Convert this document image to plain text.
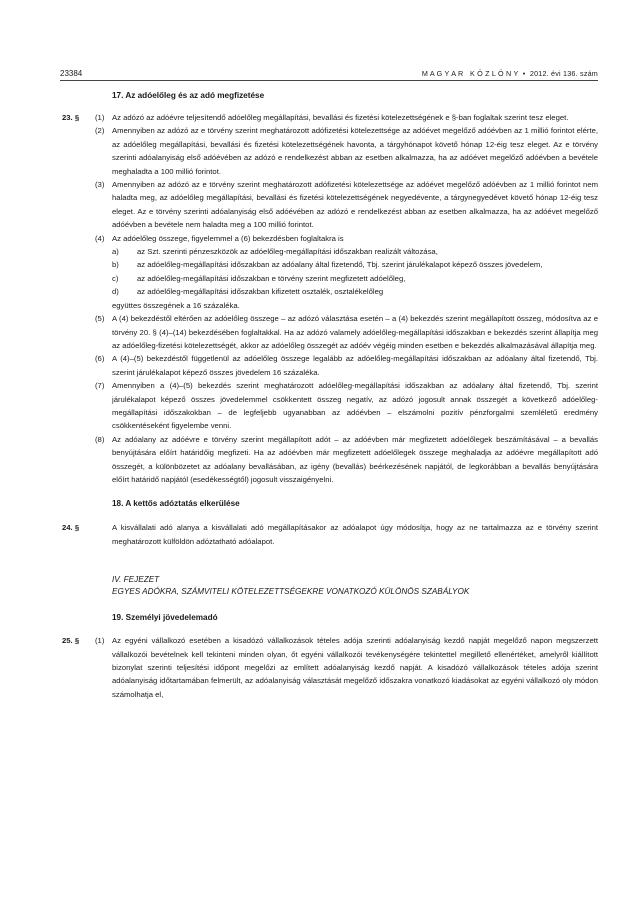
23384	M A G Y A R   K Ö Z L Ö N Y  •  2012. évi 136. szám
17. Az adóelőleg és az adó megfizetése
23. § (1) Az adózó az adóévre teljesítendő adóelőleg megállapítási, bevallási és fizetési kötelezettségének e §-ban foglaltak szerint tesz eleget.
(2) Amennyiben az adózó az e törvény szerint meghatározott adófizetési kötelezettsége az adóévet megelőző adóévben az 1 millió forintot elérte, az adóelőleg megállapítási, bevallási és fizetési kötelezettségének havonta, a tárgyhónapot követő hónap 12-éig tesz eleget. Az e törvény szerinti adóalanyiság első adóévében az adózó e rendelkezést abban az esetben alkalmazza, ha az adóévet megelőző adóévben a bevétele meghaladta a 100 millió forintot.
(3) Amennyiben az adózó az e törvény szerint meghatározott adófizetési kötelezettsége az adóévet megelőző adóévben az 1 millió forintot nem haladta meg, az adóelőleg megállapítási, bevallási és fizetési kötelezettségének negyedévente, a tárgynegyedévet követő hónap 12-éig tesz eleget. Az e törvény szerinti adóalanyiság első adóévében az adózó e rendelkezést abban az esetben alkalmazza, ha az adóévet megelőző adóévben a bevétele nem haladta meg a 100 millió forintot.
(4) Az adóelőleg összege, figyelemmel a (6) bekezdésben foglaltakra is
a) az Szt. szerinti pénzeszközök az adóelőleg-megállapítási időszakban realizált változása,
b) az adóelőleg-megállapítási időszakban az adóalany által fizetendő, Tbj. szerint járulékalapot képező összes jövedelem,
c) az adóelőleg-megállapítási időszakban e törvény szerint megfizetett adóelőleg,
d) az adóelőleg-megállapítási időszakban kifizetett osztalék, osztalékelőleg
együttes összegének a 16 százaléka.
(5) A (4) bekezdéstől eltérően az adóelőleg összege – az adózó választása esetén – a (4) bekezdés szerint megállapított összeg, módosítva az e törvény 20. § (4)–(14) bekezdésében foglaltakkal. Ha az adózó valamely adóelőleg-megállapítási időszakban e bekezdés szerint állapítja meg az adóelőleg-fizetési kötelezettségét, akkor az adóelőleg összegét az adóév végéig minden esetben e bekezdés alkalmazásával állapítja meg.
(6) A (4)–(5) bekezdéstől függetlenül az adóelőleg összege legalább az adóelőleg-megállapítási időszakban az adóalany által fizetendő, Tbj. szerint járulékalapot képező összes jövedelem 16 százaléka.
(7) Amennyiben a (4)–(5) bekezdés szerint meghatározott adóelőleg-megállapítási időszakban az adóalany által fizetendő, Tbj. szerint járulékalapot képező összes jövedelemmel csökkentett összeg negatív, az adózó jogosult annak összegét a következő adóelőleg-megállapítási időszakokban – de legfeljebb ugyanabban az adóévben – elszámolni pozitív pénzforgalmi szemléletű eredmény csökkentéseként figyelembe venni.
(8) Az adóalany az adóévre e törvény szerint megállapított adót – az adóévben már megfizetett adóelőlegek beszámításával – a bevallás benyújtására előírt határidőig megfizeti. Ha az adóévben már megfizetett adóelőlegek összege meghaladja az adóévre megállapított adó összegét, a különbözetet az adóalany bevallásában, az igény (bevallás) beérkezésének napjától, de legkorábban a bevallás benyújtására előírt határidő napjától (esedékességtől) jogosult visszaigényelni.
18. A kettős adóztatás elkerülése
24. §	A kisvállalati adó alanya a kisvállalati adó megállapításakor az adóalapot úgy módosítja, hogy az ne tartalmazza az e törvény szerint meghatározott külföldön adóztatható adóalapot.
IV. FEJEZET
EGYES ADÓKRA, SZÁMVITELI KÖTELEZETTSÉGEKRE VONATKOZÓ KÜLÖNÖS SZABÁLYOK
19. Személyi jövedelemadó
25. § (1) Az egyéni vállalkozó esetében a kisadózó vállalkozások tételes adója szerinti adóalanyiság kezdő napját megelőző napon megszerzett vállalkozói bevételnek kell tekinteni minden olyan, őt egyéni vállalkozói tevékenységére tekintettel megillető ellenértéket, amelyről kiállított bizonylat szerinti teljesítési időpont megelőzi az említett adóalanyiság kezdő napját. A kisadózó vállalkozások tételes adója szerint adóalanyiság időtartamában felmerült, az adóalanyiság választását megelőző időszakra vonatkozó kiadásokat az egyéni vállalkozó oly módon számolhatja el,
